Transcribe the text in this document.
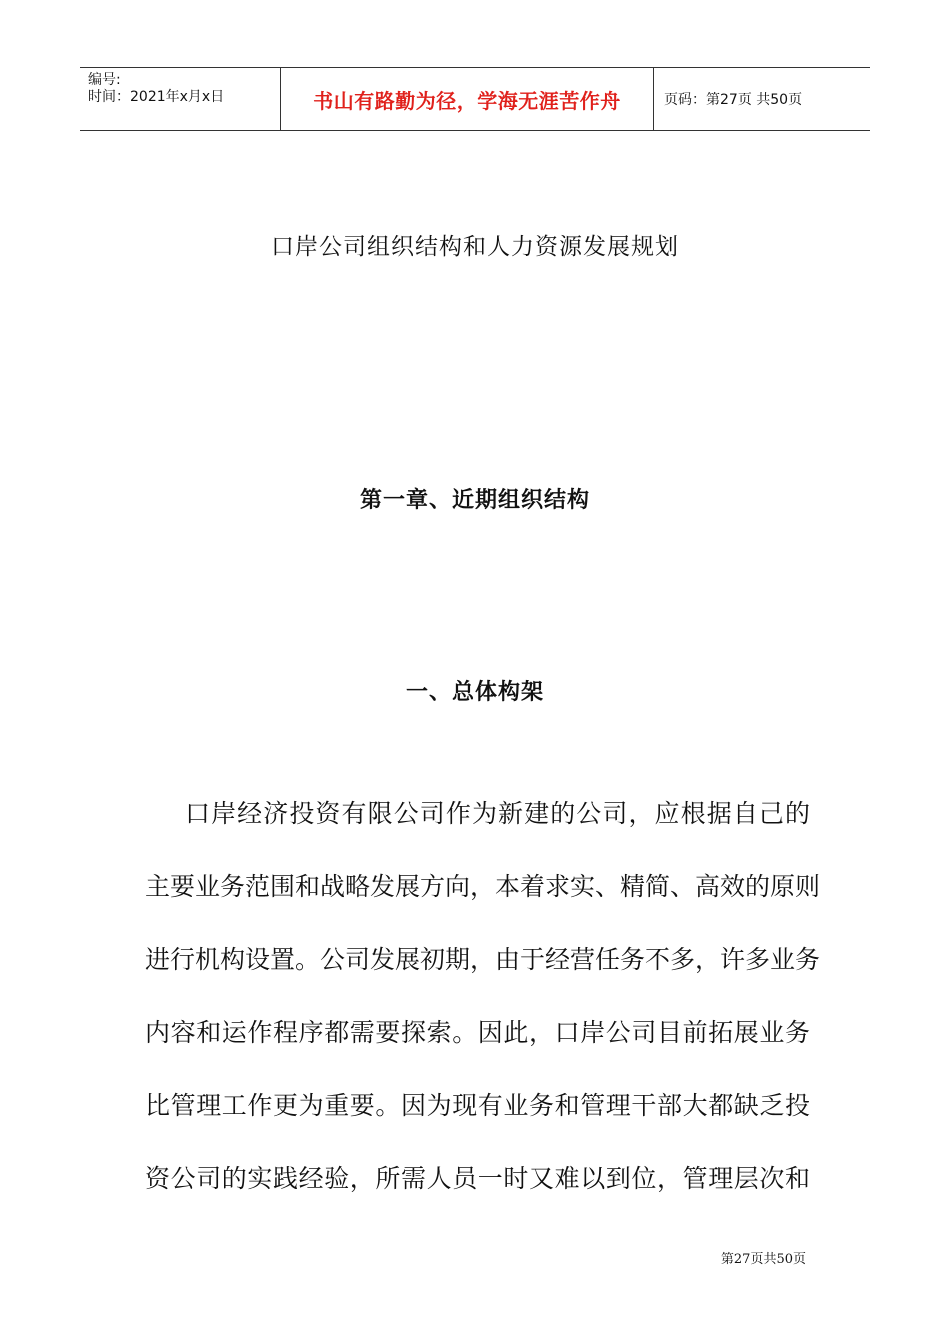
编号:
时间：2021年x月x日	书山有路勤为径，学海无涯苦作舟	页码：第27页 共50页
口岸公司组织结构和人力资源发展规划
第一章、近期组织结构
一、总体构架
口岸经济投资有限公司作为新建的公司，应根据自己的
主要业务范围和战略发展方向，本着求实、精简、高效的原则
进行机构设置。公司发展初期，由于经营任务不多，许多业务
内容和运作程序都需要探索。因此，口岸公司目前拓展业务
比管理工作更为重要。因为现有业务和管理干部大都缺乏投
资公司的实践经验，所需人员一时又难以到位，管理层次和
第27页共50页
